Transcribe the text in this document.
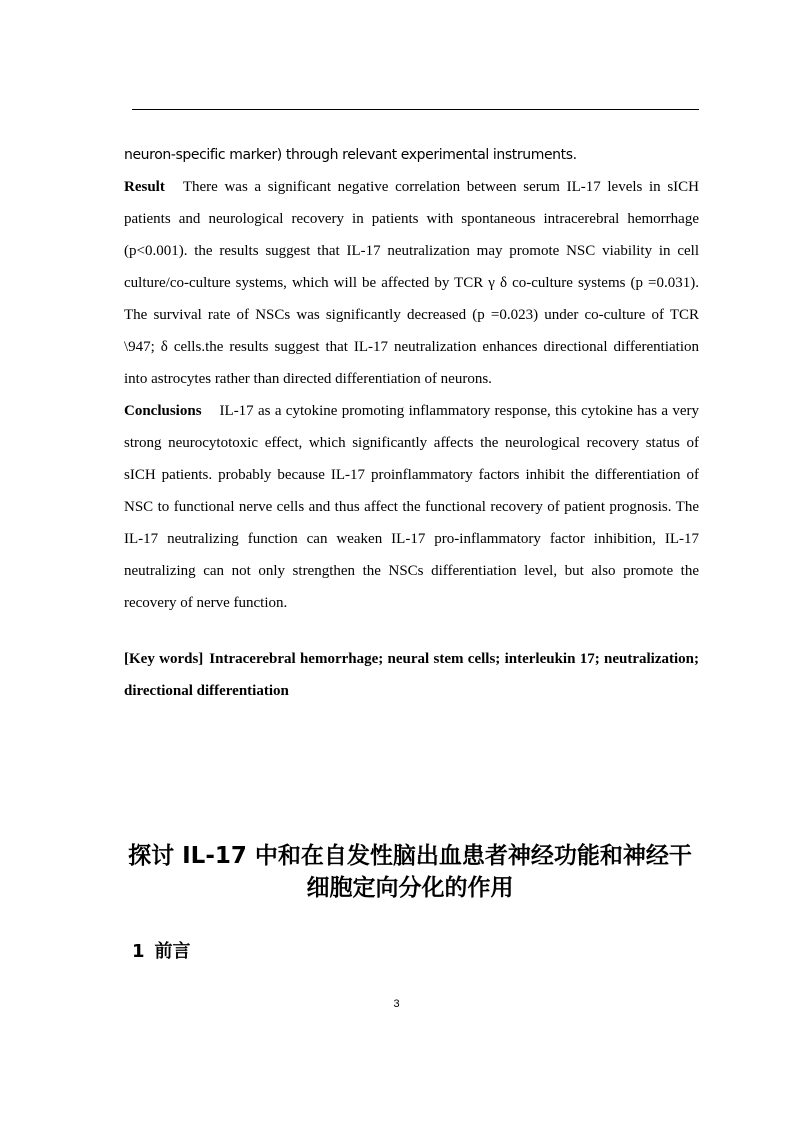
neuron-specific marker) through relevant experimental instruments.

Result There was a significant negative correlation between serum IL-17 levels in sICH patients and neurological recovery in patients with spontaneous intracerebral hemorrhage (p<0.001). the results suggest that IL-17 neutralization may promote NSC viability in cell culture/co-culture systems, which will be affected by TCR γ δ co-culture systems (p =0.031). The survival rate of NSCs was significantly decreased (p =0.023) under co-culture of TCR \947; δ cells.the results suggest that IL-17 neutralization enhances directional differentiation into astrocytes rather than directed differentiation of neurons.

Conclusions IL-17 as a cytokine promoting inflammatory response, this cytokine has a very strong neurocytotoxic effect, which significantly affects the neurological recovery status of sICH patients. probably because IL-17 proinflammatory factors inhibit the differentiation of NSC to functional nerve cells and thus affect the functional recovery of patient prognosis. The IL-17 neutralizing function can weaken IL-17 pro-inflammatory factor inhibition, IL-17 neutralizing can not only strengthen the NSCs differentiation level, but also promote the recovery of nerve function.

[Key words] Intracerebral hemorrhage; neural stem cells; interleukin 17; neutralization; directional differentiation

探讨 IL-17 中和在自发性脑出血患者神经功能和神经干
细胞定向分化的作用
1 前言
3
